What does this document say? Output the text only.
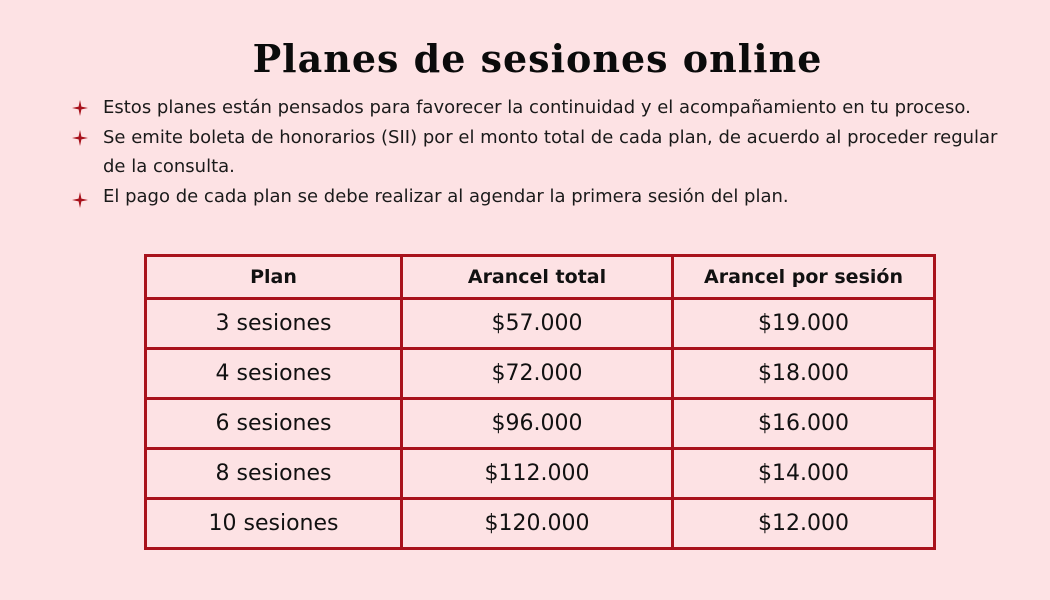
Planes de sesiones online
Estos planes están pensados para favorecer la continuidad y el acompañamiento en tu proceso.
Se emite boleta de honorarios (SII) por el monto total de cada plan, de acuerdo al proceder regular de la consulta.
El pago de cada plan se debe realizar al agendar la primera sesión del plan.
Plan	Arancel total	Arancel por sesión
3 sesiones	$57.000	$19.000
4 sesiones	$72.000	$18.000
6 sesiones	$96.000	$16.000
8 sesiones	$112.000	$14.000
10 sesiones	$120.000	$12.000
